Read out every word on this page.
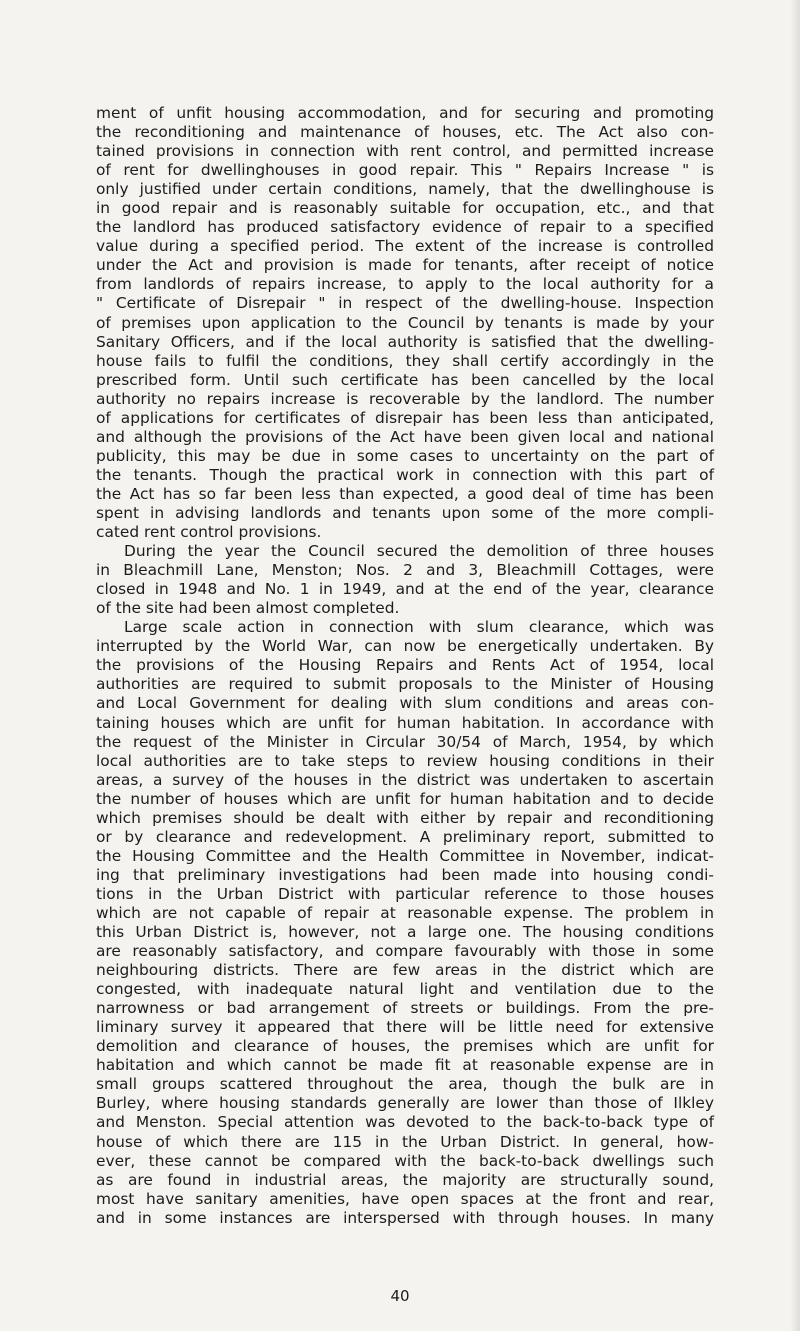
ment of unfit housing accommodation, and for securing and promoting
the reconditioning and maintenance of houses, etc. The Act also con-
tained provisions in connection with rent control, and permitted increase
of rent for dwellinghouses in good repair. This " Repairs Increase " is
only justified under certain conditions, namely, that the dwellinghouse is
in good repair and is reasonably suitable for occupation, etc., and that
the landlord has produced satisfactory evidence of repair to a specified
value during a specified period. The extent of the increase is controlled
under the Act and provision is made for tenants, after receipt of notice
from landlords of repairs increase, to apply to the local authority for a
" Certificate of Disrepair " in respect of the dwelling-house. Inspection
of premises upon application to the Council by tenants is made by your
Sanitary Officers, and if the local authority is satisfied that the dwelling-
house fails to fulfil the conditions, they shall certify accordingly in the
prescribed form. Until such certificate has been cancelled by the local
authority no repairs increase is recoverable by the landlord. The number
of applications for certificates of disrepair has been less than anticipated,
and although the provisions of the Act have been given local and national
publicity, this may be due in some cases to uncertainty on the part of
the tenants. Though the practical work in connection with this part of
the Act has so far been less than expected, a good deal of time has been
spent in advising landlords and tenants upon some of the more compli-
cated rent control provisions.
During the year the Council secured the demolition of three houses
in Bleachmill Lane, Menston; Nos. 2 and 3, Bleachmill Cottages, were
closed in 1948 and No. 1 in 1949, and at the end of the year, clearance
of the site had been almost completed.
Large scale action in connection with slum clearance, which was
interrupted by the World War, can now be energetically undertaken. By
the provisions of the Housing Repairs and Rents Act of 1954, local
authorities are required to submit proposals to the Minister of Housing
and Local Government for dealing with slum conditions and areas con-
taining houses which are unfit for human habitation. In accordance with
the request of the Minister in Circular 30/54 of March, 1954, by which
local authorities are to take steps to review housing conditions in their
areas, a survey of the houses in the district was undertaken to ascertain
the number of houses which are unfit for human habitation and to decide
which premises should be dealt with either by repair and reconditioning
or by clearance and redevelopment. A preliminary report, submitted to
the Housing Committee and the Health Committee in November, indicat-
ing that preliminary investigations had been made into housing condi-
tions in the Urban District with particular reference to those houses
which are not capable of repair at reasonable expense. The problem in
this Urban District is, however, not a large one. The housing conditions
are reasonably satisfactory, and compare favourably with those in some
neighbouring districts. There are few areas in the district which are
congested, with inadequate natural light and ventilation due to the
narrowness or bad arrangement of streets or buildings. From the pre-
liminary survey it appeared that there will be little need for extensive
demolition and clearance of houses, the premises which are unfit for
habitation and which cannot be made fit at reasonable expense are in
small groups scattered throughout the area, though the bulk are in
Burley, where housing standards generally are lower than those of Ilkley
and Menston. Special attention was devoted to the back-to-back type of
house of which there are 115 in the Urban District. In general, how-
ever, these cannot be compared with the back-to-back dwellings such
as are found in industrial areas, the majority are structurally sound,
most have sanitary amenities, have open spaces at the front and rear,
and in some instances are interspersed with through houses. In many
40
